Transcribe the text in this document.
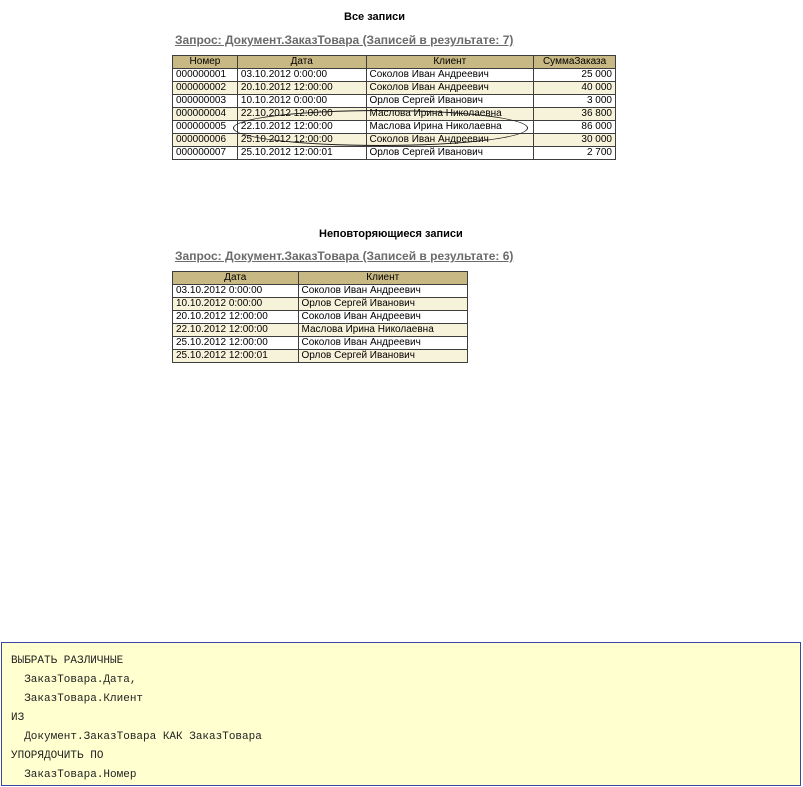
Все записи
Запрос: Документ.ЗаказТовара (Записей в результате: 7)
Номер	Дата	Клиент	СуммаЗаказа
000000001	03.10.2012 0:00:00	Соколов Иван Андреевич	25 000
000000002	20.10.2012 12:00:00	Соколов Иван Андреевич	40 000
000000003	10.10.2012 0:00:00	Орлов Сергей Иванович	3 000
000000004	22.10.2012 12:00:00	Маслова Ирина Николаевна	36 800
000000005	22.10.2012 12:00:00	Маслова Ирина Николаевна	86 000
000000006	25.10.2012 12:00:00	Соколов Иван Андреевич	30 000
000000007	25.10.2012 12:00:01	Орлов Сергей Иванович	2 700
Неповторяющиеся записи
Запрос: Документ.ЗаказТовара (Записей в результате: 6)
Дата	Клиент
03.10.2012 0:00:00	Соколов Иван Андреевич
10.10.2012 0:00:00	Орлов Сергей Иванович
20.10.2012 12:00:00	Соколов Иван Андреевич
22.10.2012 12:00:00	Маслова Ирина Николаевна
25.10.2012 12:00:00	Соколов Иван Андреевич
25.10.2012 12:00:01	Орлов Сергей Иванович
ВЫБРАТЬ РАЗЛИЧНЫЕ
ЗаказТовара.Дата,
ЗаказТовара.Клиент
ИЗ
Документ.ЗаказТовара КАК ЗаказТовара
УПОРЯДОЧИТЬ ПО
ЗаказТовара.Номер
